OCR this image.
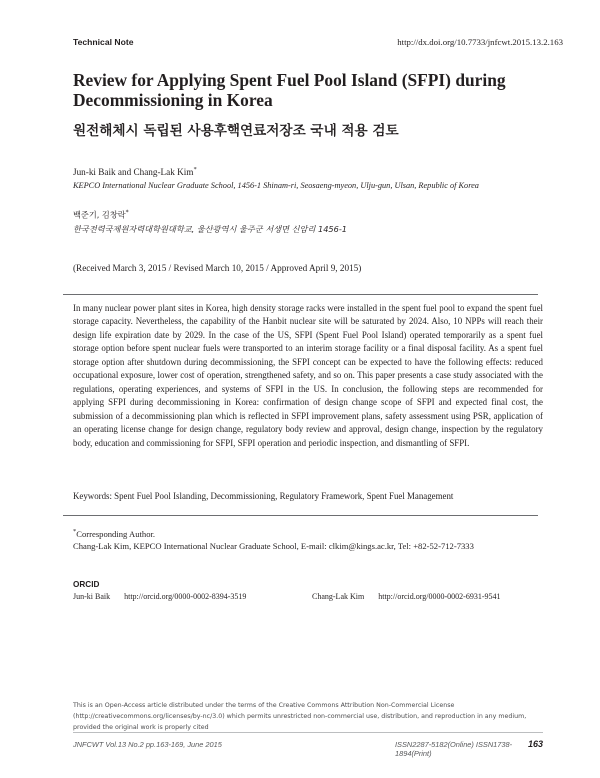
Technical Note	http://dx.doi.org/10.7733/jnfcwt.2015.13.2.163
Review for Applying Spent Fuel Pool Island (SFPI) during Decommissioning in Korea
원전해체시 독립된 사용후핵연료저장조 국내 적용 검토
Jun-ki Baik and Chang-Lak Kim*
KEPCO International Nuclear Graduate School, 1456-1 Shinam-ri, Seosaeng-myeon, Ulju-gun, Ulsan, Republic of Korea
백준기, 김창락*
한국전력국제원자력대학원대학교, 울산광역시 울주군 서생면 신암리 1456-1
(Received March 3, 2015 / Revised March 10, 2015 / Approved April 9, 2015)

In many nuclear power plant sites in Korea, high density storage racks were installed in the spent fuel pool to expand the spent fuel storage capacity. Nevertheless, the capability of the Hanbit nuclear site will be saturated by 2024. Also, 10 NPPs will reach their design life expiration date by 2029. In the case of the US, SFPI (Spent Fuel Pool Island) operated temporarily as a spent fuel storage option before spent nuclear fuels were transported to an interim storage facility or a final disposal facility. As a spent fuel storage option after shutdown during decommissioning, the SFPI concept can be expected to have the following effects: reduced occupational exposure, lower cost of operation, strengthened safety, and so on. This paper presents a case study associated with the regulations, operating experiences, and systems of SFPI in the US. In conclusion, the following steps are recommended for applying SFPI during decommissioning in Korea: confirmation of design change scope of SFPI and expected final cost, the submission of a decommissioning plan which is reflected in SFPI improvement plans, safety assessment using PSR, application of an operating license change for design change, regulatory body review and approval, design change, inspection by the regulatory body, education and commissioning for SFPI, SFPI operation and periodic inspection, and dismantling of SFPI.

Keywords: Spent Fuel Pool Islanding, Decommissioning, Regulatory Framework, Spent Fuel Management
*Corresponding Author.
Chang-Lak Kim, KEPCO International Nuclear Graduate School, E-mail: clkim@kings.ac.kr, Tel: +82-52-712-7333
ORCID
Jun-ki Baik http://orcid.org/0000-0002-8394-3519	Chang-Lak Kim http://orcid.org/0000-0002-6931-9541

This is an Open-Access article distributed under the terms of the Creative Commons Attribution Non-Commercial License (http://creativecommons.org/licenses/by-nc/3.0) which permits unrestricted non-commercial use, distribution, and reproduction in any medium, provided the original work is properly cited

JNFCWT Vol.13 No.2 pp.163-169, June 2015	ISSN2287-5182(Online) ISSN1738-1894(Print)
163
